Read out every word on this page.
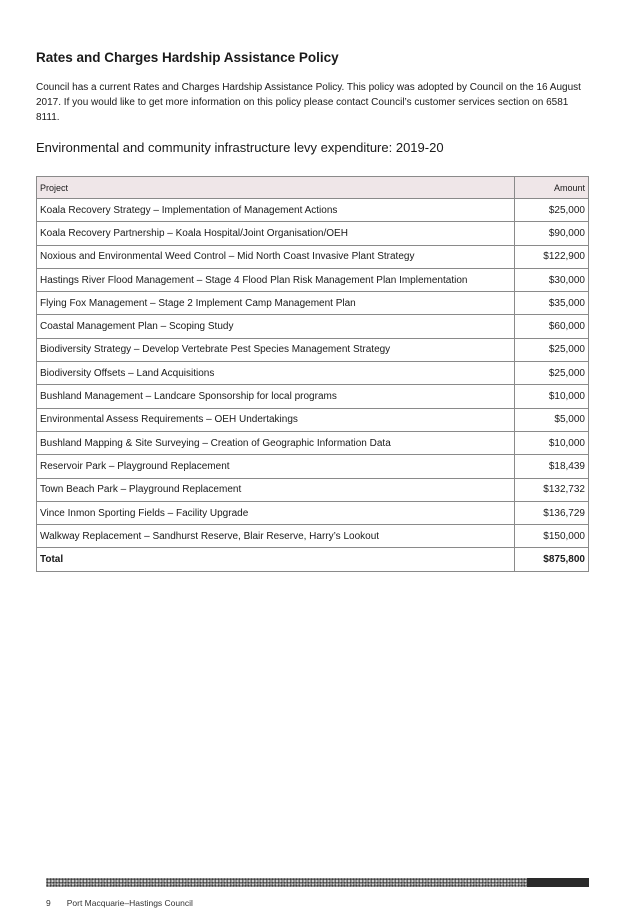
Rates and Charges Hardship Assistance Policy

Council has a current Rates and Charges Hardship Assistance Policy. This policy was adopted by Council on the 16 August 2017. If you would like to get more information on this policy please contact Council’s customer services section on 6581 8111.

Environmental and community infrastructure levy expenditure: 2019-20
Project	Amount
Koala Recovery Strategy – Implementation of Management Actions	$25,000
Koala Recovery Partnership – Koala Hospital/Joint Organisation/OEH	$90,000
Noxious and Environmental Weed Control – Mid North Coast Invasive Plant Strategy	$122,900
Hastings River Flood Management – Stage 4 Flood Plan Risk Management Plan Implementation	$30,000
Flying Fox Management – Stage 2 Implement Camp Management Plan	$35,000
Coastal Management Plan – Scoping Study	$60,000
Biodiversity Strategy – Develop Vertebrate Pest Species Management Strategy	$25,000
Biodiversity Offsets – Land Acquisitions	$25,000
Bushland Management – Landcare Sponsorship for local programs	$10,000
Environmental Assess Requirements – OEH Undertakings	$5,000
Bushland Mapping & Site Surveying – Creation of Geographic Information Data	$10,000
Reservoir Park – Playground Replacement	$18,439
Town Beach Park – Playground Replacement	$132,732
Vince Inmon Sporting Fields – Facility Upgrade	$136,729
Walkway Replacement – Sandhurst Reserve, Blair Reserve, Harry’s Lookout	$150,000
Total	$875,800
9 Port Macquarie–Hastings Council
